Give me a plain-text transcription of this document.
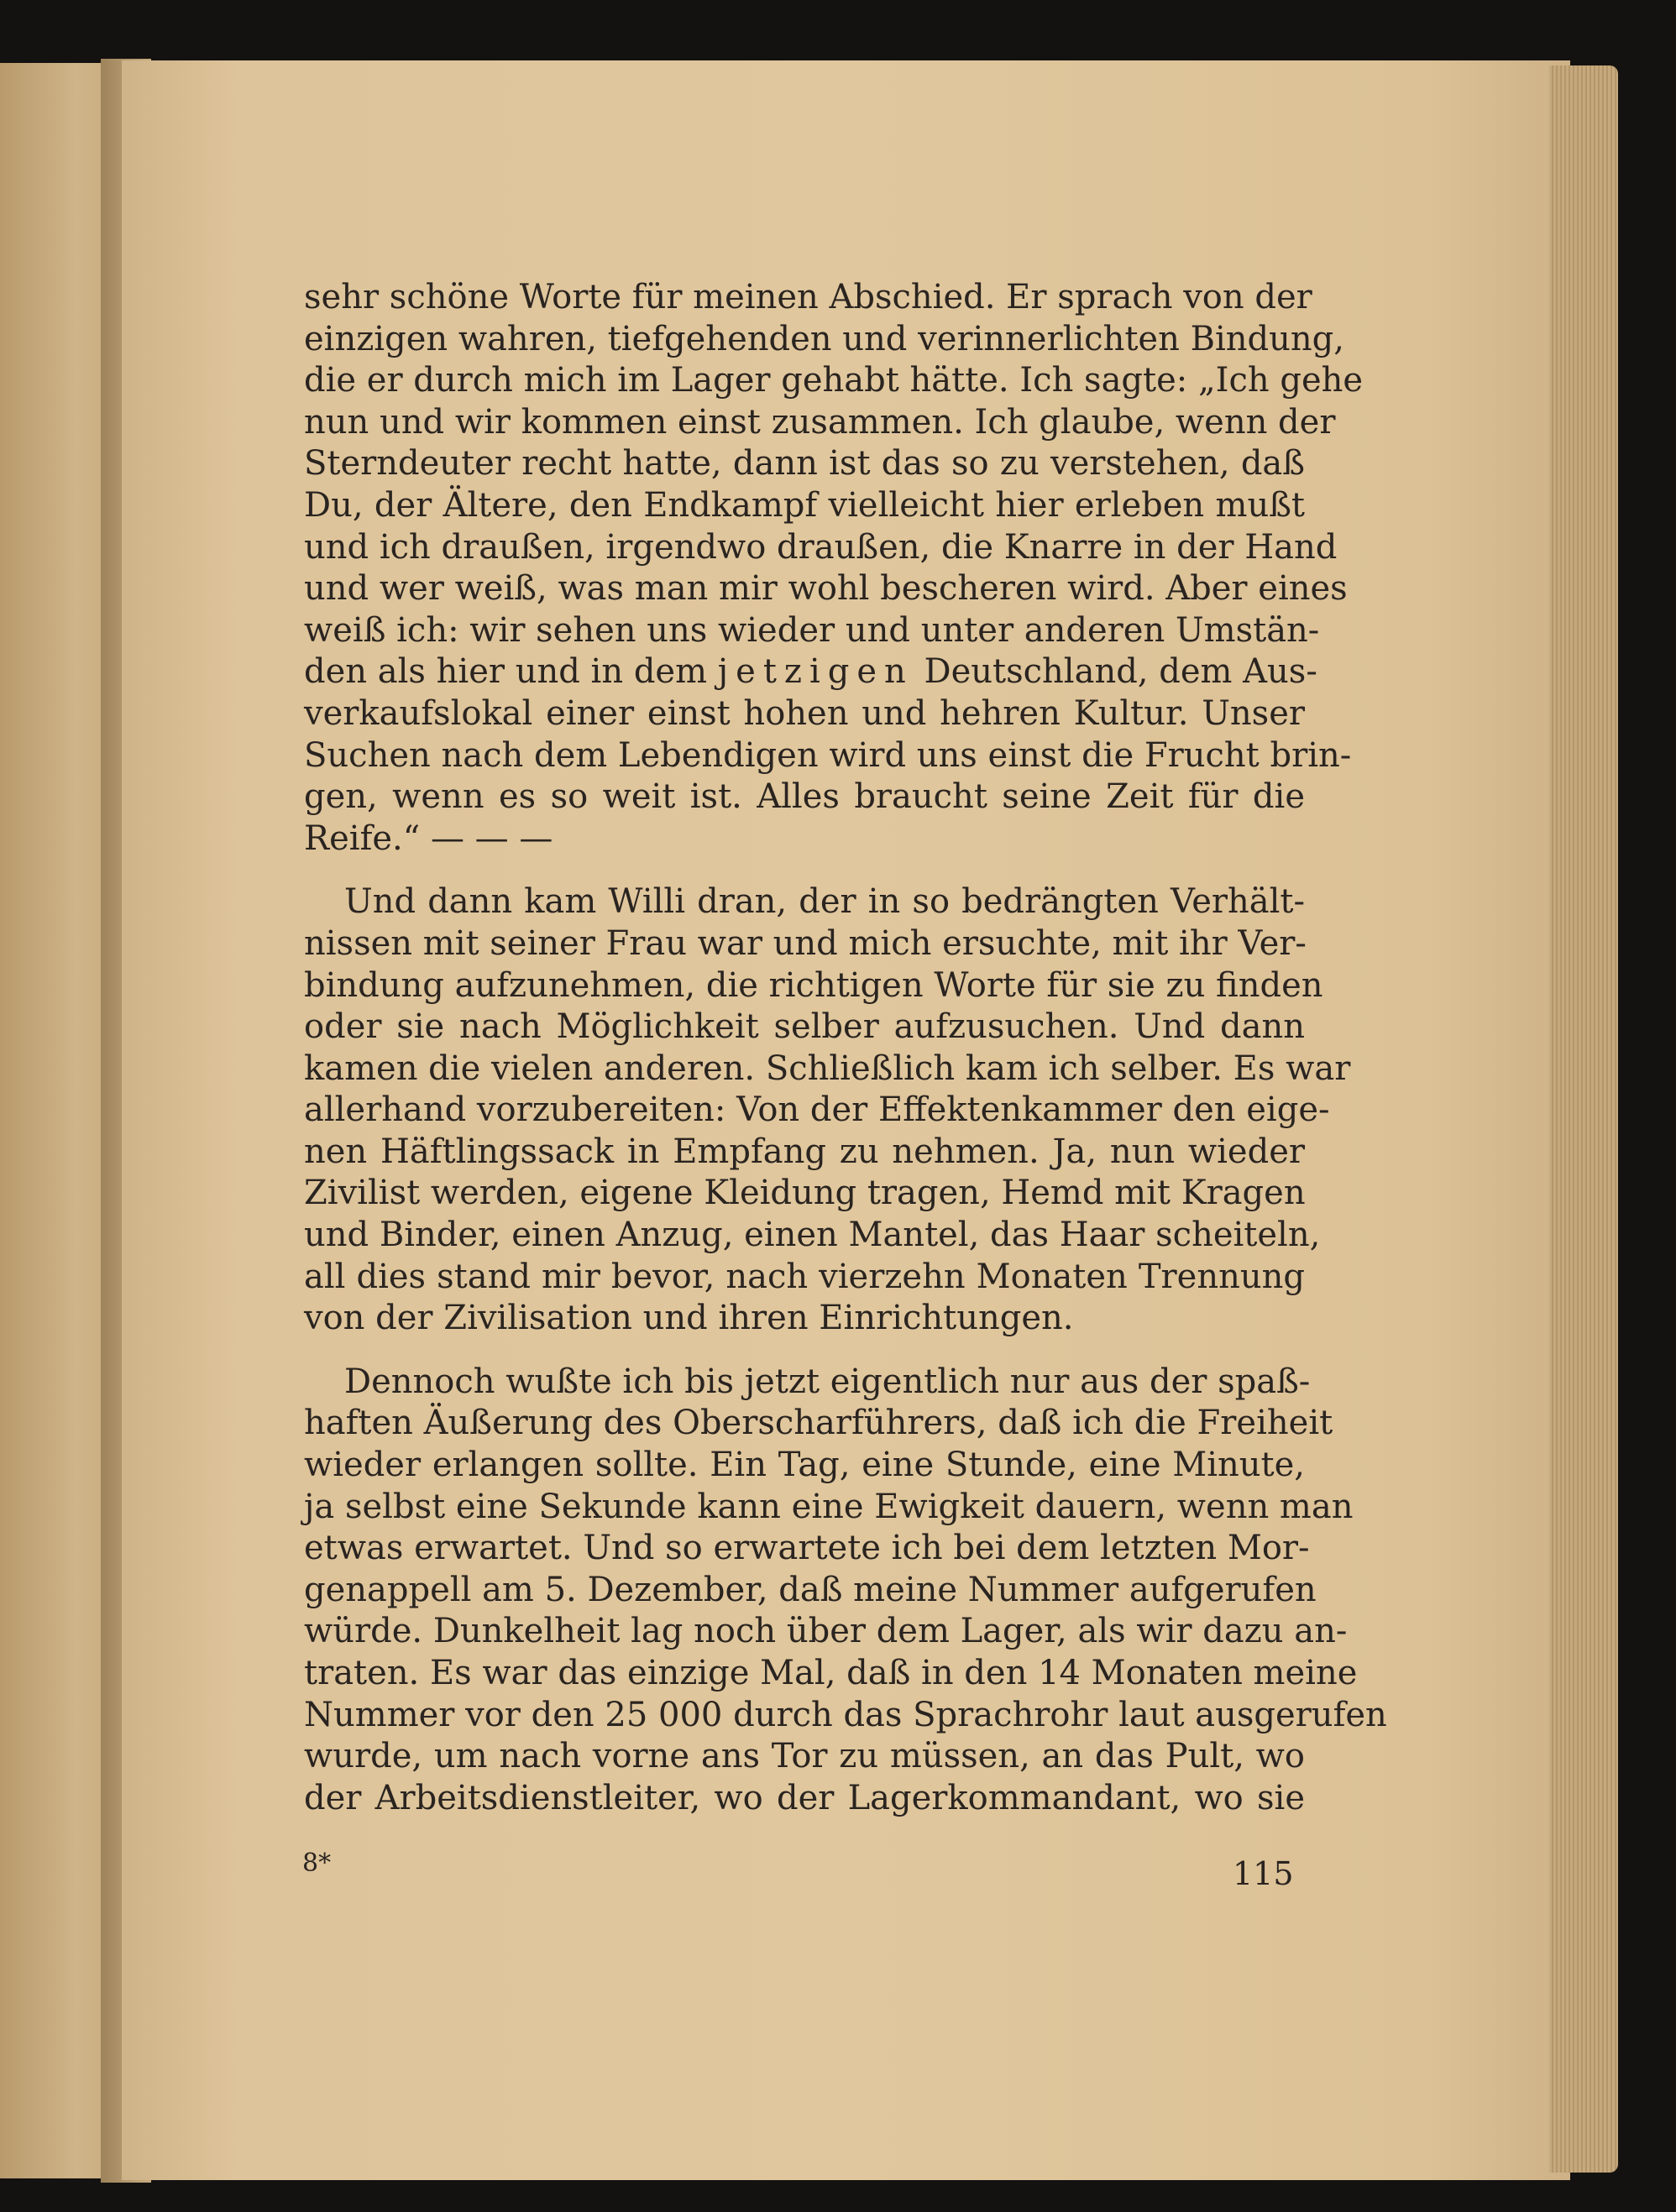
sehr schöne Worte für meinen Abschied. Er sprach von der
einzigen wahren, tiefgehenden und verinnerlichten Bindung,
die er durch mich im Lager gehabt hätte. Ich sagte: „Ich gehe
nun und wir kommen einst zusammen. Ich glaube, wenn der
Sterndeuter recht hatte, dann ist das so zu verstehen, daß
Du, der Ältere, den Endkampf vielleicht hier erleben mußt
und ich draußen, irgendwo draußen, die Knarre in der Hand
und wer weiß, was man mir wohl bescheren wird. Aber eines
weiß ich: wir sehen uns wieder und unter anderen Umstän-
den als hier und in dem jetzigen Deutschland, dem Aus-
verkaufslokal einer einst hohen und hehren Kultur. Unser
Suchen nach dem Lebendigen wird uns einst die Frucht brin-
gen, wenn es so weit ist. Alles braucht seine Zeit für die
Reife.“ — — —
Und dann kam Willi dran, der in so bedrängten Verhält-
nissen mit seiner Frau war und mich ersuchte, mit ihr Ver-
bindung aufzunehmen, die richtigen Worte für sie zu finden
oder sie nach Möglichkeit selber aufzusuchen. Und dann
kamen die vielen anderen. Schließlich kam ich selber. Es war
allerhand vorzubereiten: Von der Effektenkammer den eige-
nen Häftlingssack in Empfang zu nehmen. Ja, nun wieder
Zivilist werden, eigene Kleidung tragen, Hemd mit Kragen
und Binder, einen Anzug, einen Mantel, das Haar scheiteln,
all dies stand mir bevor, nach vierzehn Monaten Trennung
von der Zivilisation und ihren Einrichtungen.
Dennoch wußte ich bis jetzt eigentlich nur aus der spaß-
haften Äußerung des Oberscharführers, daß ich die Freiheit
wieder erlangen sollte. Ein Tag, eine Stunde, eine Minute,
ja selbst eine Sekunde kann eine Ewigkeit dauern, wenn man
etwas erwartet. Und so erwartete ich bei dem letzten Mor-
genappell am 5. Dezember, daß meine Nummer aufgerufen
würde. Dunkelheit lag noch über dem Lager, als wir dazu an-
traten. Es war das einzige Mal, daß in den 14 Monaten meine
Nummer vor den 25 000 durch das Sprachrohr laut ausgerufen
wurde, um nach vorne ans Tor zu müssen, an das Pult, wo
der Arbeitsdienstleiter, wo der Lagerkommandant, wo sie
8*	115
